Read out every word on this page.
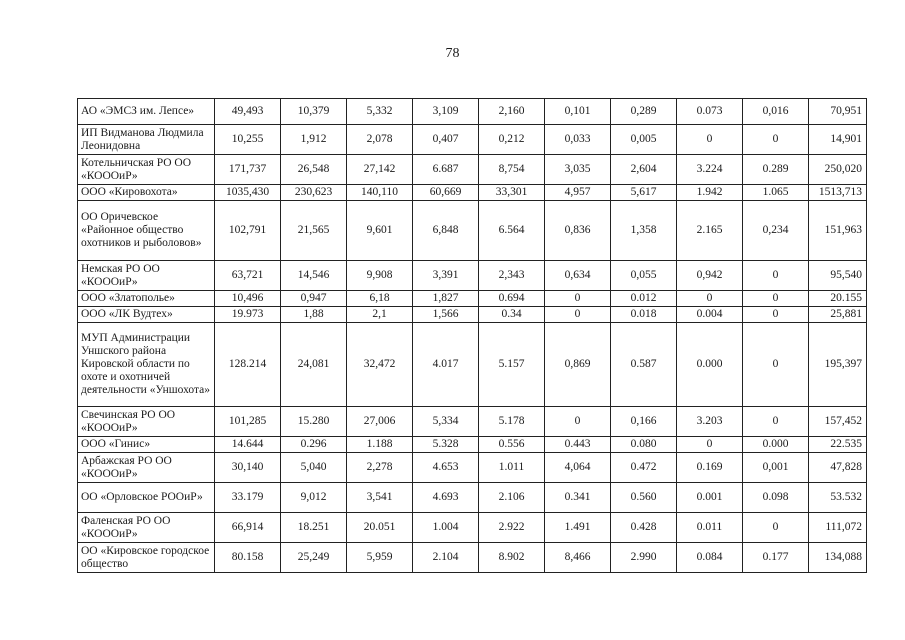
78
АО «ЭМСЗ им. Лепсе»	49,493	10,379	5,332	3,109	2,160	0,101	0,289	0.073	0,016	70,951
ИП Видманова Людмила Леонидовна	10,255	1,912	2,078	0,407	0,212	0,033	0,005	0	0	14,901
Котельничская РО ОО «КОООиР»	171,737	26,548	27,142	6.687	8,754	3,035	2,604	3.224	0.289	250,020
ООО «Кировохота»	1035,430	230,623	140,110	60,669	33,301	4,957	5,617	1.942	1.065	1513,713
ОО Оричевское «Районное общество охотников и рыболовов»	102,791	21,565	9,601	6,848	6.564	0,836	1,358	2.165	0,234	151,963
Немская РО ОО «КОООиР»	63,721	14,546	9,908	3,391	2,343	0,634	0,055	0,942	0	95,540
ООО «Златополье»	10,496	0,947	6,18	1,827	0.694	0	0.012	0	0	20.155
ООО «ЛК Вудтех»	19.973	1,88	2,1	1,566	0.34	0	0.018	0.004	0	25,881
МУП Администрации Уншского района Кировской области по охоте и охотничей деятельности «Уншохота»	128.214	24,081	32,472	4.017	5.157	0,869	0.587	0.000	0	195,397
Свечинская РО ОО «КОООиР»	101,285	15.280	27,006	5,334	5.178	0	0,166	3.203	0	157,452
ООО «Гинис»	14.644	0.296	1.188	5.328	0.556	0.443	0.080	0	0.000	22.535
Арбажская РО ОО «КОООиР»	30,140	5,040	2,278	4.653	1.011	4,064	0.472	0.169	0,001	47,828
ОО «Орловское РООиР»	33.179	9,012	3,541	4.693	2.106	0.341	0.560	0.001	0.098	53.532
Фаленская РО ОО «КОООиР»	66,914	18.251	20.051	1.004	2.922	1.491	0.428	0.011	0	111,072
ОО «Кировское городское общество	80.158	25,249	5,959	2.104	8.902	8,466	2.990	0.084	0.177	134,088
